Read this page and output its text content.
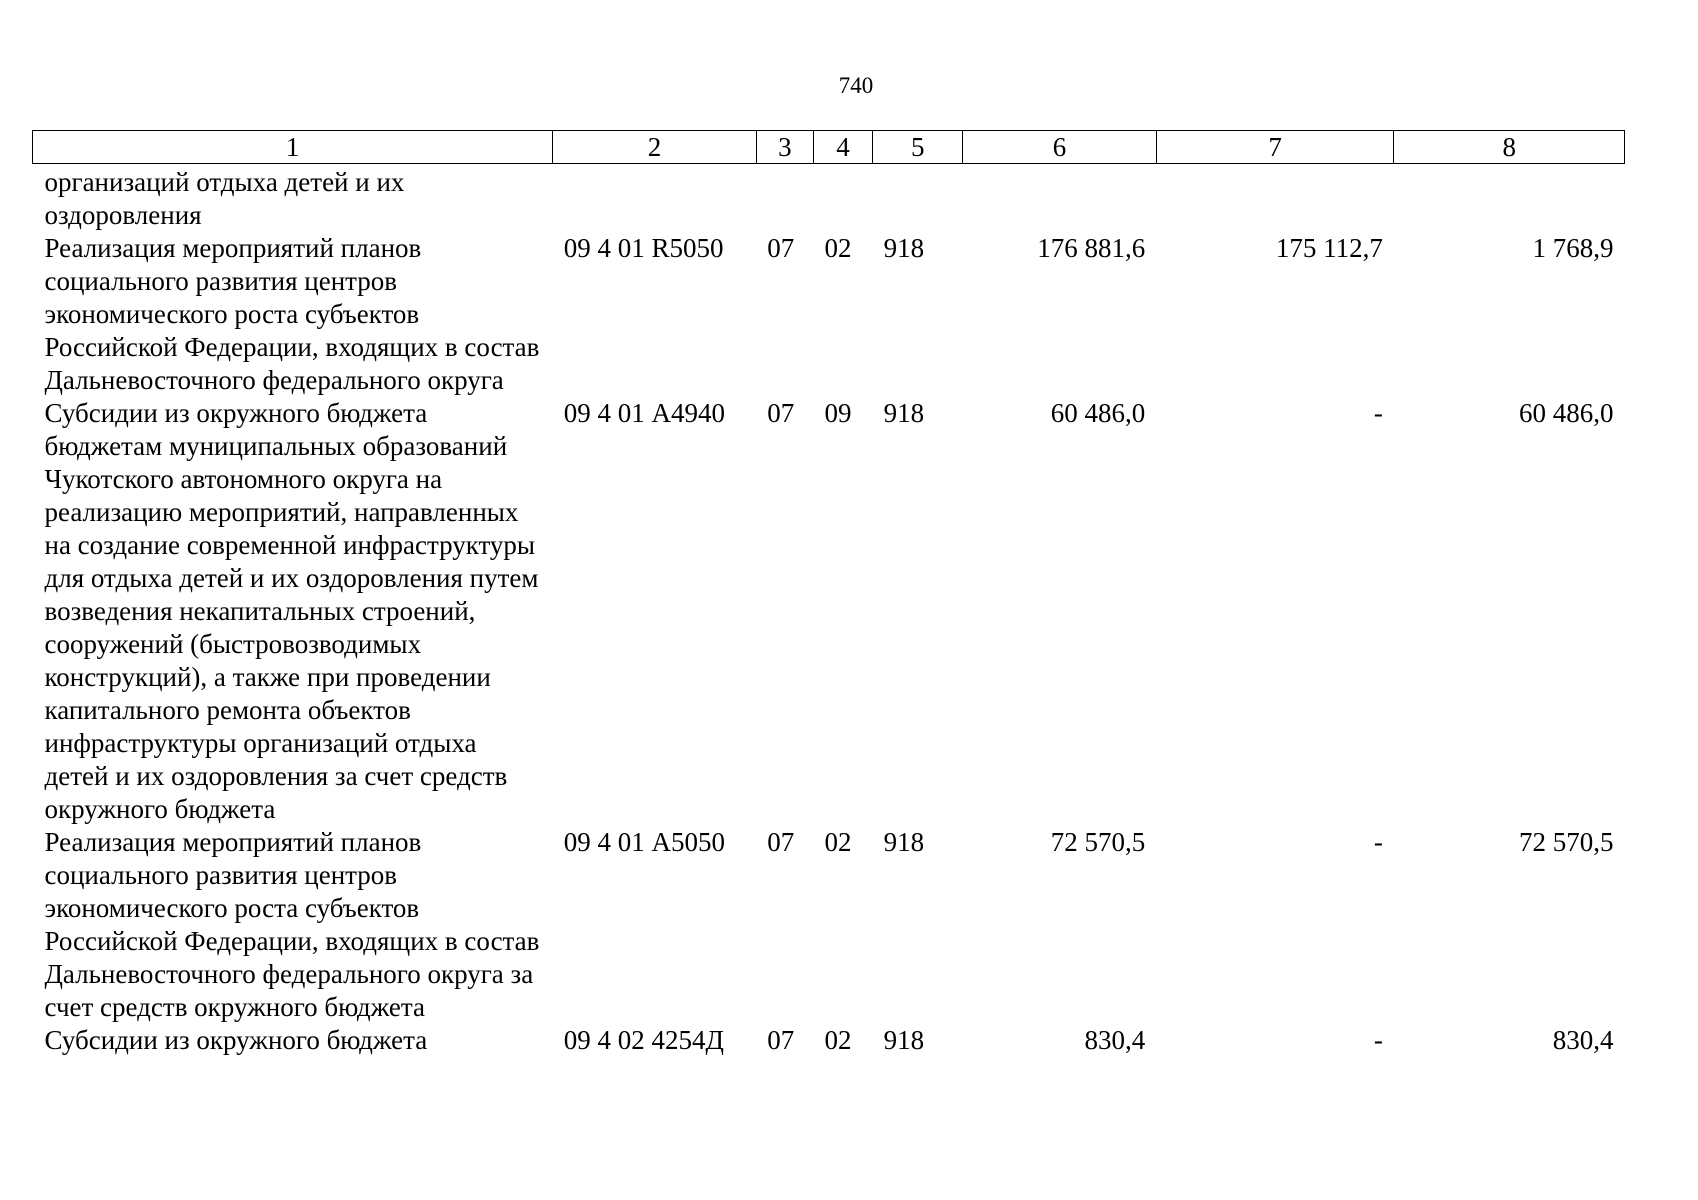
740
1	2	3	4	5	6	7	8
организаций отдыха детей и их оздоровления							
Реализация мероприятий планов социального развития центров экономического роста субъектов Российской Федерации, входящих в состав Дальневосточного федерального округа	09 4 01 R5050	07	02	918	176 881,6	175 112,7	1 768,9
Субсидии из окружного бюджета бюджетам муниципальных образований Чукотского автономного округа на реализацию мероприятий, направленных на создание современной инфраструктуры для отдыха детей и их оздоровления путем возведения некапитальных строений, сооружений (быстровозводимых конструкций), а также при проведении капитального ремонта объектов инфраструктуры организаций отдыха детей и их оздоровления за счет средств окружного бюджета	09 4 01 А4940	07	09	918	60 486,0	-	60 486,0
Реализация мероприятий планов социального развития центров экономического роста субъектов Российской Федерации, входящих в состав Дальневосточного федерального округа за счет средств окружного бюджета	09 4 01 А5050	07	02	918	72 570,5	-	72 570,5
Субсидии из окружного бюджета	09 4 02 4254Д	07	02	918	830,4	-	830,4
